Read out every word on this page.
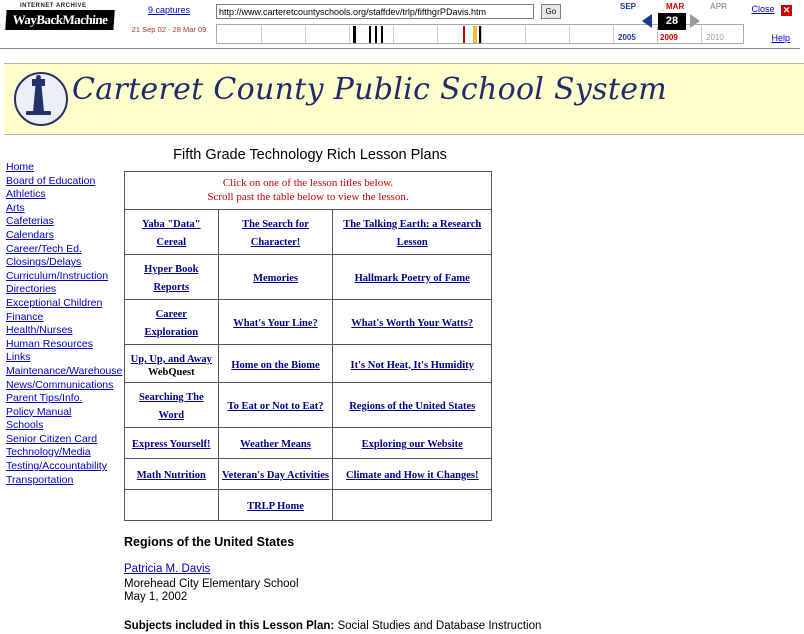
INTERNET ARCHIVE
WayBackMachine
9 captures
21 Sep 02 - 28 Mar 09
http://www.carteretcountyschools.org/staffdev/trlp/fifthgrPDavis.htm Go
SEP	MAR	APR
28
2005	2009	2010
Close ✕
Help
Carteret County Public School System
Home
Board of Education
Athletics
Arts
Cafeterias
Calendars
Career/Tech Ed.
Closings/Delays
Curriculum/Instruction
Directories
Exceptional Children
Finance
Health/Nurses
Human Resources
Links
Maintenance/Warehouse
News/Communications
Parent Tips/Info.
Policy Manual
Schools
Senior Citizen Card
Technology/Media
Testing/Accountability
Transportation
Fifth Grade Technology Rich Lesson Plans
Click on one of the lesson titles below.
Scroll past the table below to view the lesson.		

Yaba "Data" Cereal	The Search for Character!	The Talking Earth: a Research Lesson
Hyper Book Reports	Memories	Hallmark Poetry of Fame
Career Exploration	What's Your Line?	What's Worth Your Watts?
Up, Up, and Away
WebQuest	Home on the Biome	It's Not Heat, It's Humidity
Searching The Word	To Eat or Not to Eat?	Regions of the United States
Express Yourself!	Weather Means	Exploring our Website
Math Nutrition	Veteran's Day Activities	Climate and How it Changes!
	TRLP Home	
Regions of the United States
Patricia M. Davis
Morehead City Elementary School
May 1, 2002
Subjects included in this Lesson Plan: Social Studies and Database Instruction
